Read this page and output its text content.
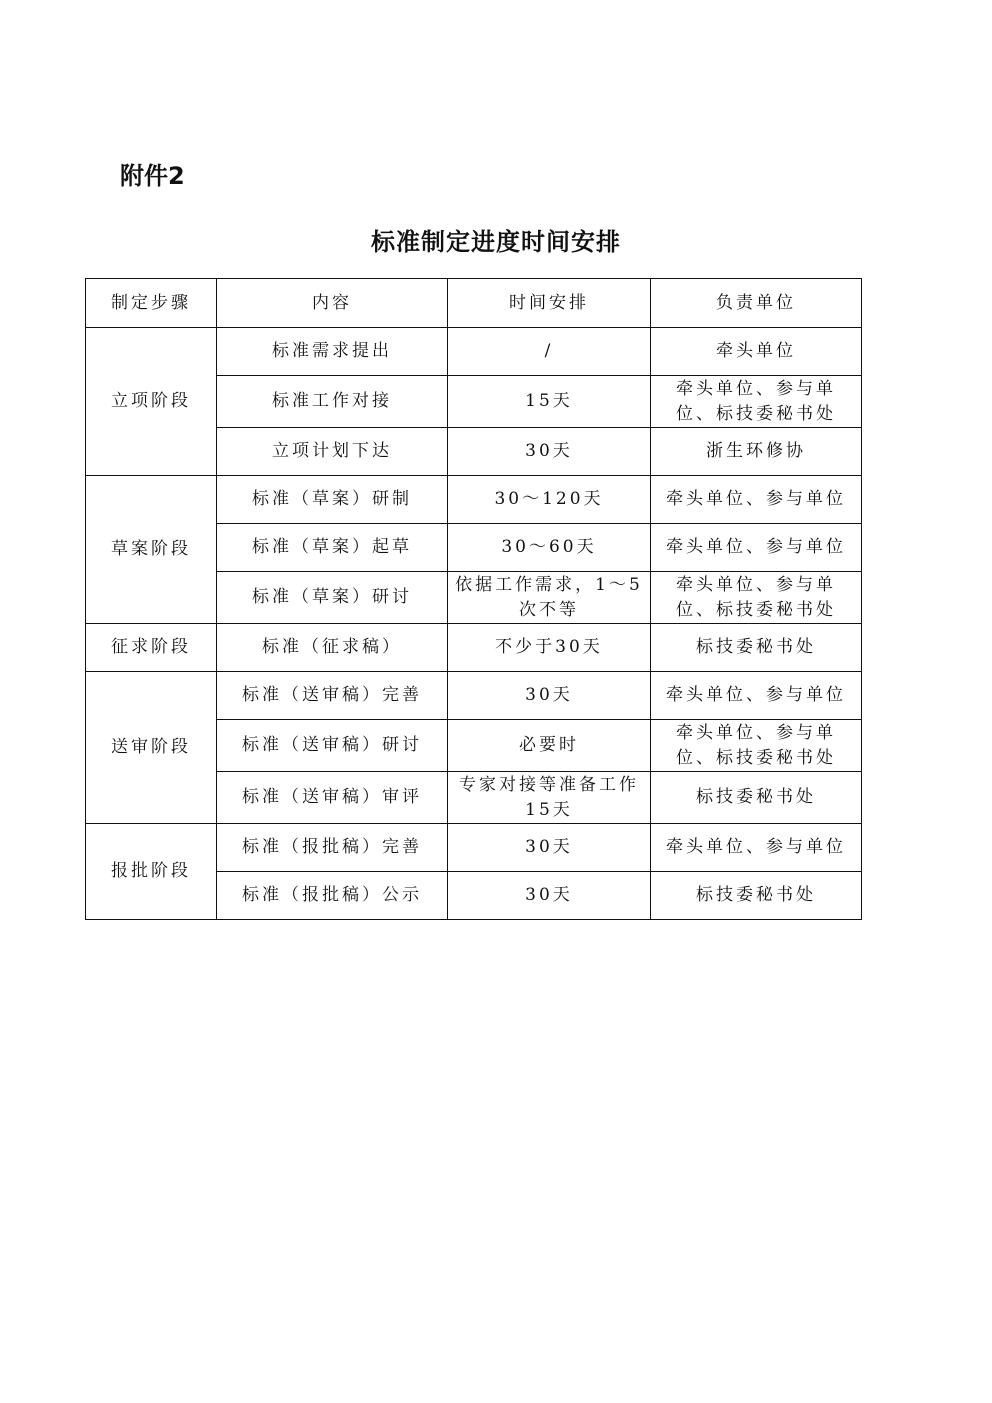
附件2
标准制定进度时间安排
制定步骤	内容	时间安排	负责单位
立项阶段	标准需求提出	/	牵头单位
	标准工作对接	15天	牵头单位、参与单位、标技委秘书处
	立项计划下达	30天	浙生环修协
草案阶段	标准（草案）研制	30～120天	牵头单位、参与单位
	标准（草案）起草	30～60天	牵头单位、参与单位
	标准（草案）研讨	依据工作需求，1～5次不等	牵头单位、参与单位、标技委秘书处
征求阶段	标准（征求稿）	不少于30天	标技委秘书处
送审阶段	标准（送审稿）完善	30天	牵头单位、参与单位
	标准（送审稿）研讨	必要时	牵头单位、参与单位、标技委秘书处
	标准（送审稿）审评	专家对接等准备工作15天	标技委秘书处
报批阶段	标准（报批稿）完善	30天	牵头单位、参与单位
	标准（报批稿）公示	30天	标技委秘书处
